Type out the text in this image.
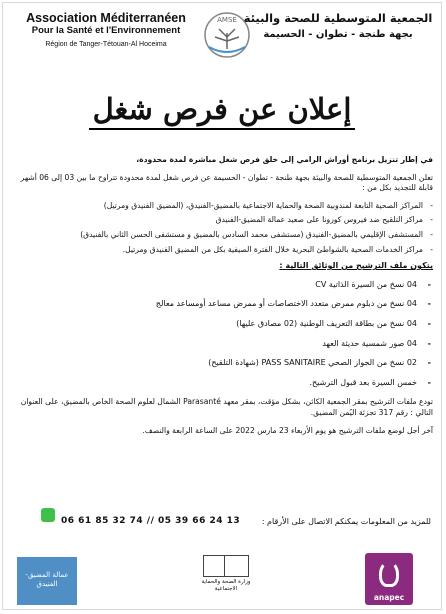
Association Méditerranéen
Pour la Santé et l'Environnement
Région de Tanger-Tétouan-Al Hoceima
AMSE الجمعية المتوسطية للصحة والبيئة
بجهة طنجة - تطوان - الحسيمة
إعلان عن فرص شغل

في إطار تنزيل برنامج أوراش الرامي إلى خلق فرص شغل مباشرة لمدة محدودة،

تعلن الجمعية المتوسطية للصحة والبيئة بجهة طنجة - تطوان - الحسيمة عن فرص شغل لمدة محدودة تتراوح ما بين 03 إلى 06 أشهر قابلة للتجديد بكل من :

- المراكز الصحية التابعة لمندوبية الصحة والحماية الاجتماعية بالمضيق-الفنيدق، (المضيق الفنيدق ومرتيل)
- مراكز التلقيح ضد فيروس كورونا على صعيد عمالة المضيق-الفنيدق
- المستشفى الإقليمي بالمضيق-الفنيدق (مستشفى محمد السادس بالمضيق و مستشفى الحسن الثاني بالفنيدق)
- مراكز الخدمات الصحية بالشواطئ البحرية خلال الفترة الصيفية بكل من المضيق الفنيدق ومرتيل.
يتكون ملف الترشيح من الوثائق التالية :
- 04 نسخ من السيرة الذاتية CV
- 04 نسخ من دبلوم ممرض متعدد الاختصاصات أو ممرض مساعد أومساعد معالج
- 04 نسخ من بطاقة التعريف الوطنية (02 مصادق عليها)
- 04 صور شمسية حديثة العهد
- 02 نسخ من الجواز الصحي PASS SANITAIRE (شهادة التلقيح)
- خمس السيرة بعد قبول الترشيح.

تودع ملفات الترشيح بمقر الجمعية الكائن، بشكل مؤقت، بمقر معهد Parasanté الشمال لعلوم الصحة الخاص بالمضيق، على العنوان التالي : رقم 317 تجزئة اليُمن المضيق.

آخر أجل لوضع ملفات الترشيح هو يوم الأربعاء 23 مارس 2022 على الساعة الرابعة والنصف.

06 61 85 32 74 // 05 39 66 24 13	للمزيد من المعلومات يمكنكم الاتصال على الأرقام :
عمالة المضيق-الفنيدق	وزارة الصحة والحماية الاجتماعية
anapec
